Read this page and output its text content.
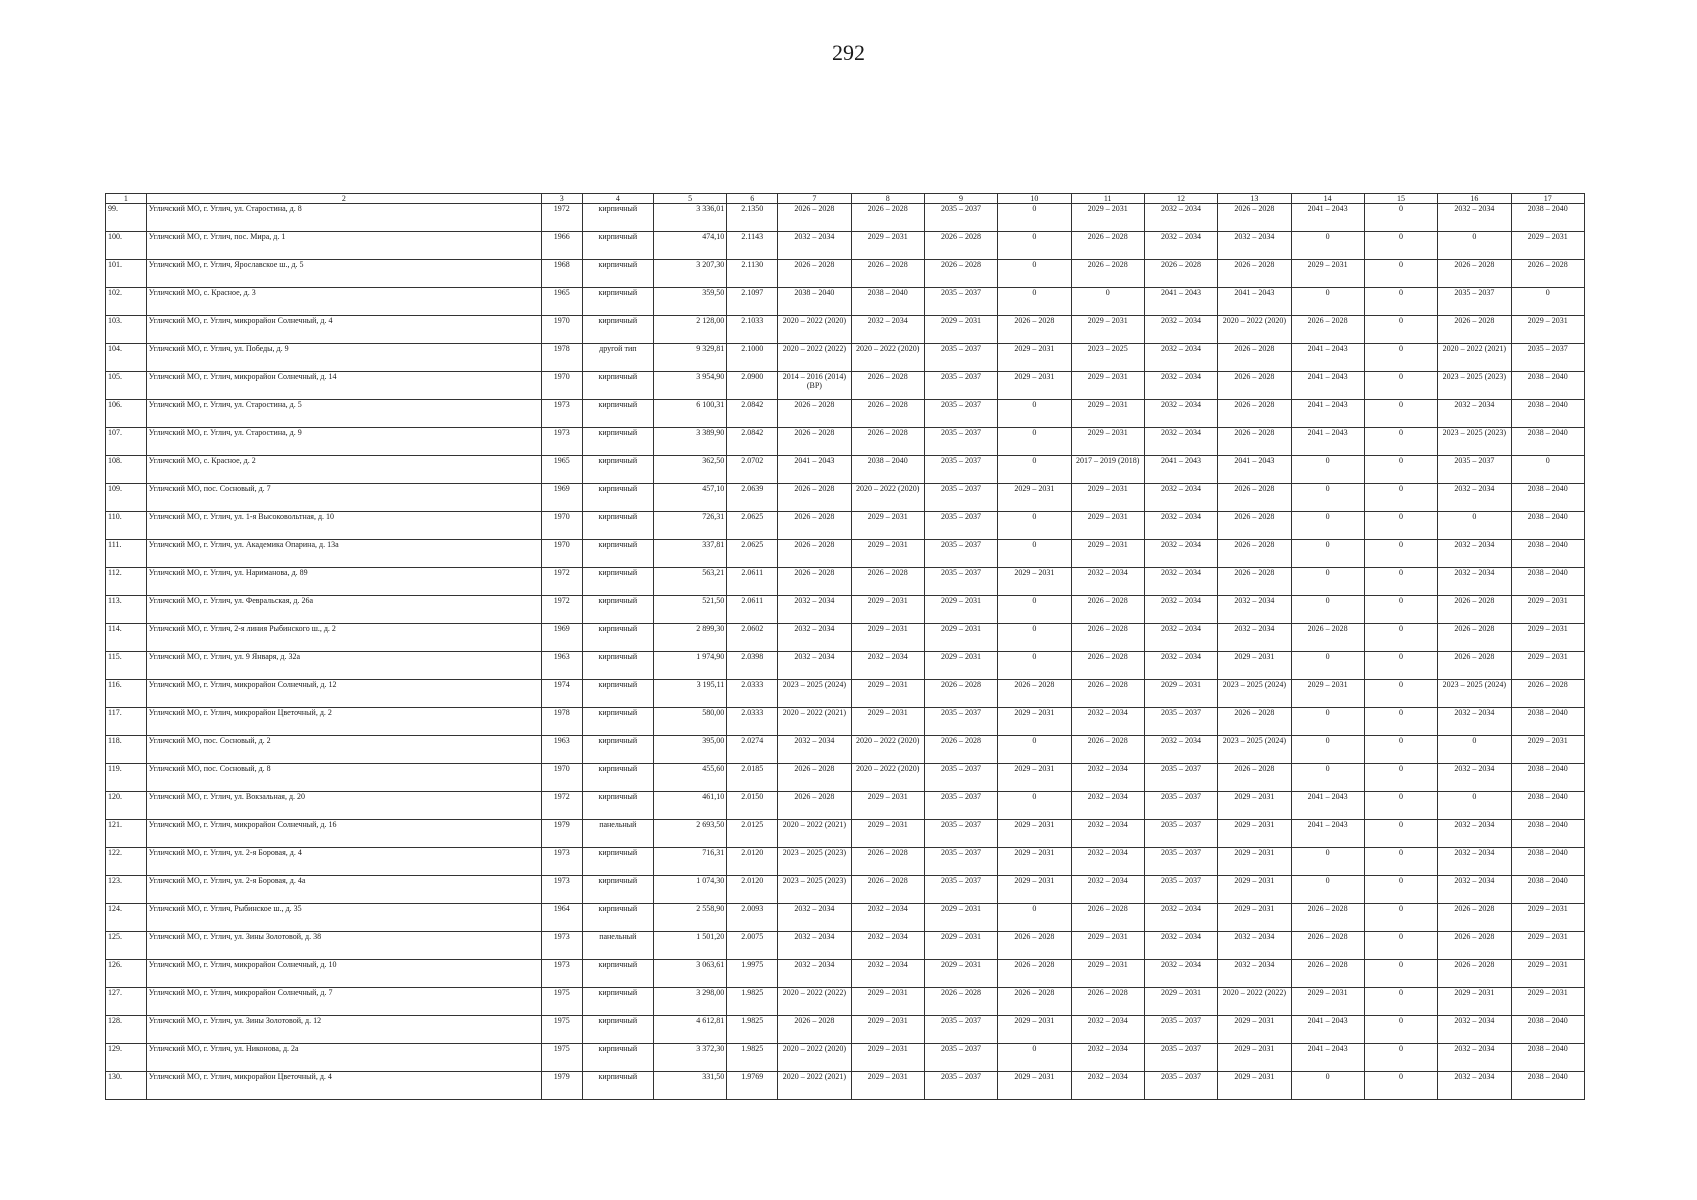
292
1	2	3	4	5	6	7	8	9	10	11	12	13	14	15	16	17
99.	Угличский МО, г. Углич, ул. Старостина, д. 8	1972	кирпичный	3 336,01	2.1350	2026 – 2028	2026 – 2028	2035 – 2037	0	2029 – 2031	2032 – 2034	2026 – 2028	2041 – 2043	0	2032 – 2034	2038 – 2040
100.	Угличский МО, г. Углич, пос. Мира, д. 1	1966	кирпичный	474,10	2.1143	2032 – 2034	2029 – 2031	2026 – 2028	0	2026 – 2028	2032 – 2034	2032 – 2034	0	0	0	2029 – 2031
101.	Угличский МО, г. Углич, Ярославское ш., д. 5	1968	кирпичный	3 207,30	2.1130	2026 – 2028	2026 – 2028	2026 – 2028	0	2026 – 2028	2026 – 2028	2026 – 2028	2029 – 2031	0	2026 – 2028	2026 – 2028
102.	Угличский МО, с. Красное, д. 3	1965	кирпичный	359,50	2.1097	2038 – 2040	2038 – 2040	2035 – 2037	0	0	2041 – 2043	2041 – 2043	0	0	2035 – 2037	0
103.	Угличский МО, г. Углич, микрорайон Солнечный, д. 4	1970	кирпичный	2 128,00	2.1033	2020 – 2022 (2020)	2032 – 2034	2029 – 2031	2026 – 2028	2029 – 2031	2032 – 2034	2020 – 2022 (2020)	2026 – 2028	0	2026 – 2028	2029 – 2031
104.	Угличский МО, г. Углич, ул. Победы, д. 9	1978	другой тип	9 329,81	2.1000	2020 – 2022 (2022)	2020 – 2022 (2020)	2035 – 2037	2029 – 2031	2023 – 2025	2032 – 2034	2026 – 2028	2041 – 2043	0	2020 – 2022 (2021)	2035 – 2037
105.	Угличский МО, г. Углич, микрорайон Солнечный, д. 14	1970	кирпичный	3 954,90	2.0900	2014 – 2016 (2014) (ВР)	2026 – 2028	2035 – 2037	2029 – 2031	2029 – 2031	2032 – 2034	2026 – 2028	2041 – 2043	0	2023 – 2025 (2023)	2038 – 2040
106.	Угличский МО, г. Углич, ул. Старостина, д. 5	1973	кирпичный	6 100,31	2.0842	2026 – 2028	2026 – 2028	2035 – 2037	0	2029 – 2031	2032 – 2034	2026 – 2028	2041 – 2043	0	2032 – 2034	2038 – 2040
107.	Угличский МО, г. Углич, ул. Старостина, д. 9	1973	кирпичный	3 389,90	2.0842	2026 – 2028	2026 – 2028	2035 – 2037	0	2029 – 2031	2032 – 2034	2026 – 2028	2041 – 2043	0	2023 – 2025 (2023)	2038 – 2040
108.	Угличский МО, с. Красное, д. 2	1965	кирпичный	362,50	2.0702	2041 – 2043	2038 – 2040	2035 – 2037	0	2017 – 2019 (2018)	2041 – 2043	2041 – 2043	0	0	2035 – 2037	0
109.	Угличский МО, пос. Сосновый, д. 7	1969	кирпичный	457,10	2.0639	2026 – 2028	2020 – 2022 (2020)	2035 – 2037	2029 – 2031	2029 – 2031	2032 – 2034	2026 – 2028	0	0	2032 – 2034	2038 – 2040
110.	Угличский МО, г. Углич, ул. 1-я Высоковольтная, д. 10	1970	кирпичный	726,31	2.0625	2026 – 2028	2029 – 2031	2035 – 2037	0	2029 – 2031	2032 – 2034	2026 – 2028	0	0	0	2038 – 2040
111.	Угличский МО, г. Углич, ул. Академика Опарина, д. 13а	1970	кирпичный	337,81	2.0625	2026 – 2028	2029 – 2031	2035 – 2037	0	2029 – 2031	2032 – 2034	2026 – 2028	0	0	2032 – 2034	2038 – 2040
112.	Угличский МО, г. Углич, ул. Нариманова, д. 89	1972	кирпичный	563,21	2.0611	2026 – 2028	2026 – 2028	2035 – 2037	2029 – 2031	2032 – 2034	2032 – 2034	2026 – 2028	0	0	2032 – 2034	2038 – 2040
113.	Угличский МО, г. Углич, ул. Февральская, д. 26а	1972	кирпичный	521,50	2.0611	2032 – 2034	2029 – 2031	2029 – 2031	0	2026 – 2028	2032 – 2034	2032 – 2034	0	0	2026 – 2028	2029 – 2031
114.	Угличский МО, г. Углич, 2-я линия Рыбинского ш., д. 2	1969	кирпичный	2 899,30	2.0602	2032 – 2034	2029 – 2031	2029 – 2031	0	2026 – 2028	2032 – 2034	2032 – 2034	2026 – 2028	0	2026 – 2028	2029 – 2031
115.	Угличский МО, г. Углич, ул. 9 Января, д. 32а	1963	кирпичный	1 974,90	2.0398	2032 – 2034	2032 – 2034	2029 – 2031	0	2026 – 2028	2032 – 2034	2029 – 2031	0	0	2026 – 2028	2029 – 2031
116.	Угличский МО, г. Углич, микрорайон Солнечный, д. 12	1974	кирпичный	3 195,11	2.0333	2023 – 2025 (2024)	2029 – 2031	2026 – 2028	2026 – 2028	2026 – 2028	2029 – 2031	2023 – 2025 (2024)	2029 – 2031	0	2023 – 2025 (2024)	2026 – 2028
117.	Угличский МО, г. Углич, микрорайон Цветочный, д. 2	1978	кирпичный	580,00	2.0333	2020 – 2022 (2021)	2029 – 2031	2035 – 2037	2029 – 2031	2032 – 2034	2035 – 2037	2026 – 2028	0	0	2032 – 2034	2038 – 2040
118.	Угличский МО, пос. Сосновый, д. 2	1963	кирпичный	395,00	2.0274	2032 – 2034	2020 – 2022 (2020)	2026 – 2028	0	2026 – 2028	2032 – 2034	2023 – 2025 (2024)	0	0	0	2029 – 2031
119.	Угличский МО, пос. Сосновый, д. 8	1970	кирпичный	455,60	2.0185	2026 – 2028	2020 – 2022 (2020)	2035 – 2037	2029 – 2031	2032 – 2034	2035 – 2037	2026 – 2028	0	0	2032 – 2034	2038 – 2040
120.	Угличский МО, г. Углич, ул. Вокзальная, д. 20	1972	кирпичный	461,10	2.0150	2026 – 2028	2029 – 2031	2035 – 2037	0	2032 – 2034	2035 – 2037	2029 – 2031	2041 – 2043	0	0	2038 – 2040
121.	Угличский МО, г. Углич, микрорайон Солнечный, д. 16	1979	панельный	2 693,50	2.0125	2020 – 2022 (2021)	2029 – 2031	2035 – 2037	2029 – 2031	2032 – 2034	2035 – 2037	2029 – 2031	2041 – 2043	0	2032 – 2034	2038 – 2040
122.	Угличский МО, г. Углич, ул. 2-я Боровая, д. 4	1973	кирпичный	716,31	2.0120	2023 – 2025 (2023)	2026 – 2028	2035 – 2037	2029 – 2031	2032 – 2034	2035 – 2037	2029 – 2031	0	0	2032 – 2034	2038 – 2040
123.	Угличский МО, г. Углич, ул. 2-я Боровая, д. 4а	1973	кирпичный	1 074,30	2.0120	2023 – 2025 (2023)	2026 – 2028	2035 – 2037	2029 – 2031	2032 – 2034	2035 – 2037	2029 – 2031	0	0	2032 – 2034	2038 – 2040
124.	Угличский МО, г. Углич, Рыбинское ш., д. 35	1964	кирпичный	2 558,90	2.0093	2032 – 2034	2032 – 2034	2029 – 2031	0	2026 – 2028	2032 – 2034	2029 – 2031	2026 – 2028	0	2026 – 2028	2029 – 2031
125.	Угличский МО, г. Углич, ул. Зины Золотовой, д. 38	1973	панельный	1 501,20	2.0075	2032 – 2034	2032 – 2034	2029 – 2031	2026 – 2028	2029 – 2031	2032 – 2034	2032 – 2034	2026 – 2028	0	2026 – 2028	2029 – 2031
126.	Угличский МО, г. Углич, микрорайон Солнечный, д. 10	1973	кирпичный	3 063,61	1.9975	2032 – 2034	2032 – 2034	2029 – 2031	2026 – 2028	2029 – 2031	2032 – 2034	2032 – 2034	2026 – 2028	0	2026 – 2028	2029 – 2031
127.	Угличский МО, г. Углич, микрорайон Солнечный, д. 7	1975	кирпичный	3 298,00	1.9825	2020 – 2022 (2022)	2029 – 2031	2026 – 2028	2026 – 2028	2026 – 2028	2029 – 2031	2020 – 2022 (2022)	2029 – 2031	0	2029 – 2031	2029 – 2031
128.	Угличский МО, г. Углич, ул. Зины Золотовой, д. 12	1975	кирпичный	4 612,81	1.9825	2026 – 2028	2029 – 2031	2035 – 2037	2029 – 2031	2032 – 2034	2035 – 2037	2029 – 2031	2041 – 2043	0	2032 – 2034	2038 – 2040
129.	Угличский МО, г. Углич, ул. Никонова, д. 2а	1975	кирпичный	3 372,30	1.9825	2020 – 2022 (2020)	2029 – 2031	2035 – 2037	0	2032 – 2034	2035 – 2037	2029 – 2031	2041 – 2043	0	2032 – 2034	2038 – 2040
130.	Угличский МО, г. Углич, микрорайон Цветочный, д. 4	1979	кирпичный	331,50	1.9769	2020 – 2022 (2021)	2029 – 2031	2035 – 2037	2029 – 2031	2032 – 2034	2035 – 2037	2029 – 2031	0	0	2032 – 2034	2038 – 2040
